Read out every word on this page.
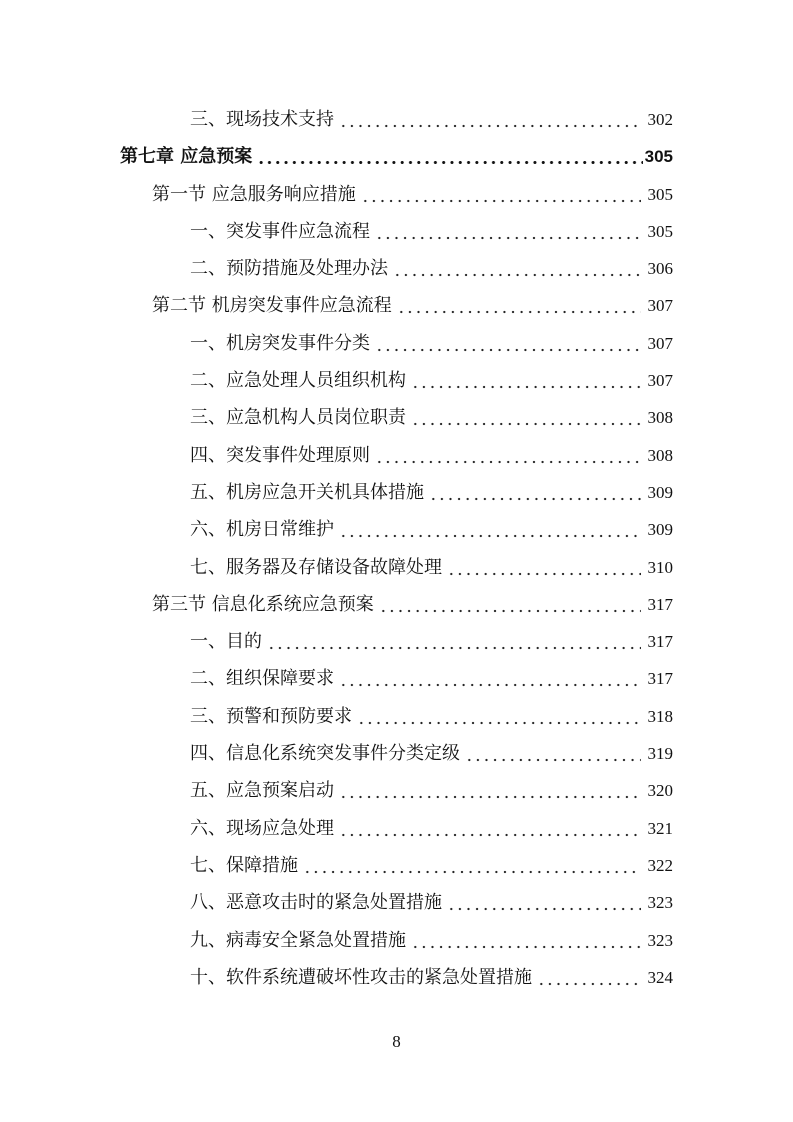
三、现场技术支持	302
第七章 应急预案	305
第一节 应急服务响应措施	305
一、突发事件应急流程	305
二、预防措施及处理办法	306
第二节 机房突发事件应急流程	307
一、机房突发事件分类	307
二、应急处理人员组织机构	307
三、应急机构人员岗位职责	308
四、突发事件处理原则	308
五、机房应急开关机具体措施	309
六、机房日常维护	309
七、服务器及存储设备故障处理	310
第三节 信息化系统应急预案	317
一、目的	317
二、组织保障要求	317
三、预警和预防要求	318
四、信息化系统突发事件分类定级	319
五、应急预案启动	320
六、现场应急处理	321
七、保障措施	322
八、恶意攻击时的紧急处置措施	323
九、病毒安全紧急处置措施	323
十、软件系统遭破坏性攻击的紧急处置措施	324
8
